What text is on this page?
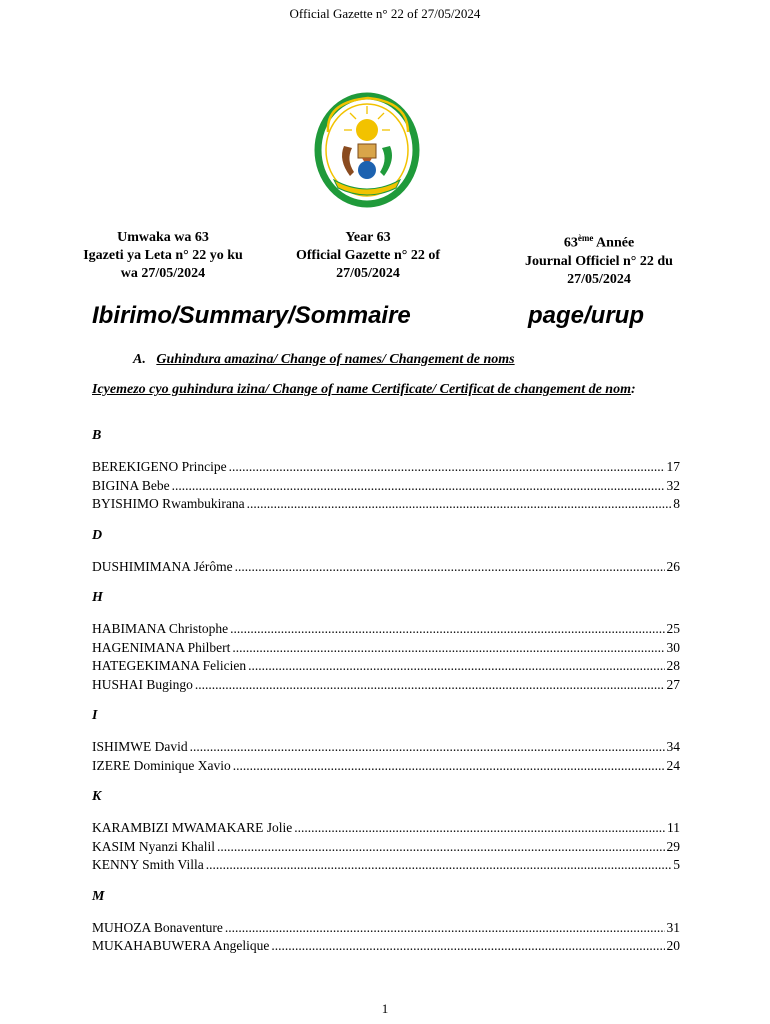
Official Gazette n° 22 of 27/05/2024
Umwaka wa 63
Igazeti ya Leta n° 22 yo ku
wa 27/05/2024
Year 63
Official Gazette n° 22 of
27/05/2024
63ème Année
Journal Officiel n° 22 du
27/05/2024
Ibirimo/Summary/Sommaire	page/urup
A. Guhindura amazina/ Change of names/ Changement de noms
Icyemezo cyo guhindura izina/ Change of name Certificate/ Certificat de changement de nom:
B
BEREKIGENO Principe .....	17
BIGINA Bebe .....	32
BYISHIMO Rwambukirana .....	8
D
DUSHIMIMANA Jérôme .....	26
H
HABIMANA Christophe .....	25
HAGENIMANA Philbert .....	30
HATEGEKIMANA Felicien .....	28
HUSHAI Bugingo .....	27
I
ISHIMWE David .....	34
IZERE Dominique Xavio .....	24
K
KARAMBIZI MWAMAKARE Jolie .....	11
KASIM Nyanzi Khalil .....	29
KENNY Smith Villa .....	5
M
MUHOZA Bonaventure .....	31
MUKAHABUWERA Angelique .....	20
1
